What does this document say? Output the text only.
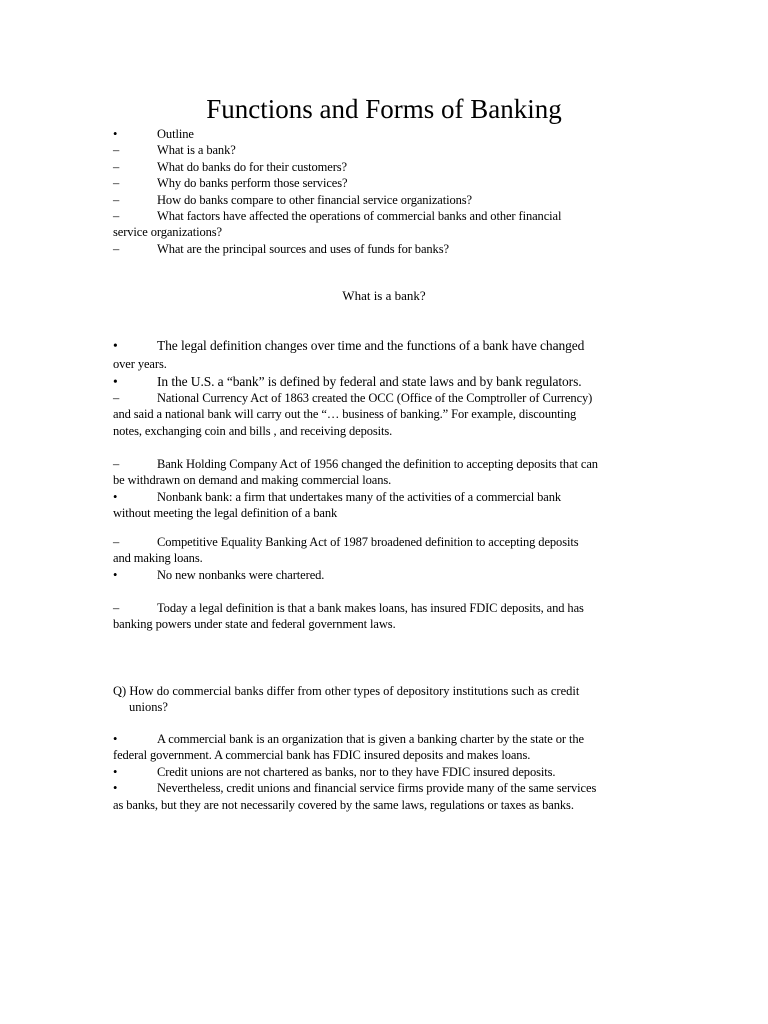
Functions and Forms of Banking
•	Outline
–	What is a bank?
–	What do banks do for their customers?
–	Why do banks perform those services?
–	How do banks compare to other financial service organizations?
–	What factors have affected the operations of commercial banks and other financial
service organizations?
–	What are the principal sources and uses of funds for banks?
What is a bank?
•	The legal definition changes over time and the functions of a bank have changed
over years.
•	In the U.S. a “bank” is defined by federal and state laws and by bank regulators.
–	National Currency Act of 1863 created the OCC (Office of the Comptroller of Currency)
and said a national bank will carry out the “… business of banking.” For example, discounting
notes, exchanging coin and bills , and receiving deposits.
–	Bank Holding Company Act of 1956 changed the definition to accepting deposits that can
be withdrawn on demand and making commercial loans.
•	Nonbank bank: a firm that undertakes many of the activities of a commercial bank
without meeting the legal definition of a bank
–	Competitive Equality Banking Act of 1987 broadened definition to accepting deposits
and making loans.
•	No new nonbanks were chartered.
–	Today a legal definition is that a bank makes loans, has insured FDIC deposits, and has
banking powers under state and federal government laws.
Q) How do commercial banks differ from other types of depository institutions such as credit
unions?
•	A commercial bank is an organization that is given a banking charter by the state or the
federal government. A commercial bank has FDIC insured deposits and makes loans.
•	Credit unions are not chartered as banks, nor to they have FDIC insured deposits.
•	Nevertheless, credit unions and financial service firms provide many of the same services
as banks, but they are not necessarily covered by the same laws, regulations or taxes as banks.
